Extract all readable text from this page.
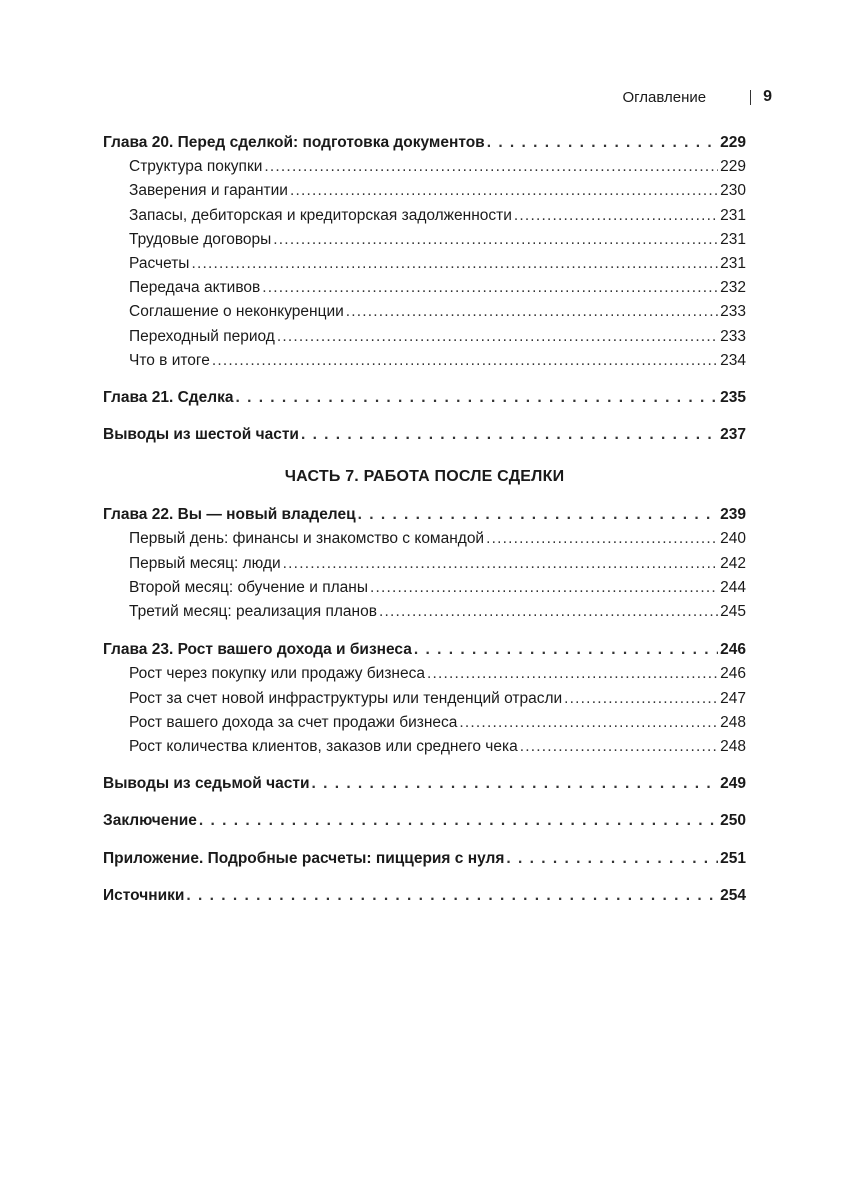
Оглавление	9
Глава 20. Перед сделкой: подготовка документов . . .	229
Структура покупки .....	229
Заверения и гарантии .....	230
Запасы, дебиторская и кредиторская задолженности .....	231
Трудовые договоры .....	231
Расчеты .....	231
Передача активов .....	232
Соглашение о неконкуренции .....	233
Переходный период .....	233
Что в итоге .....	234
Глава 21. Сделка . . .	235
Выводы из шестой части . . .	237
ЧАСТЬ 7. РАБОТА ПОСЛЕ СДЕЛКИ
Глава 22. Вы — новый владелец . . .	239
Первый день: финансы и знакомство с командой .....	240
Первый месяц: люди .....	242
Второй месяц: обучение и планы .....	244
Третий месяц: реализация планов .....	245
Глава 23. Рост вашего дохода и бизнеса . . .	246
Рост через покупку или продажу бизнеса .....	246
Рост за счет новой инфраструктуры или тенденций отрасли .....	247
Рост вашего дохода за счет продажи бизнеса .....	248
Рост количества клиентов, заказов или среднего чека .....	248
Выводы из седьмой части . . .	249
Заключение . . .	250
Приложение. Подробные расчеты: пиццерия с нуля . . .	251
Источники . . .	254
